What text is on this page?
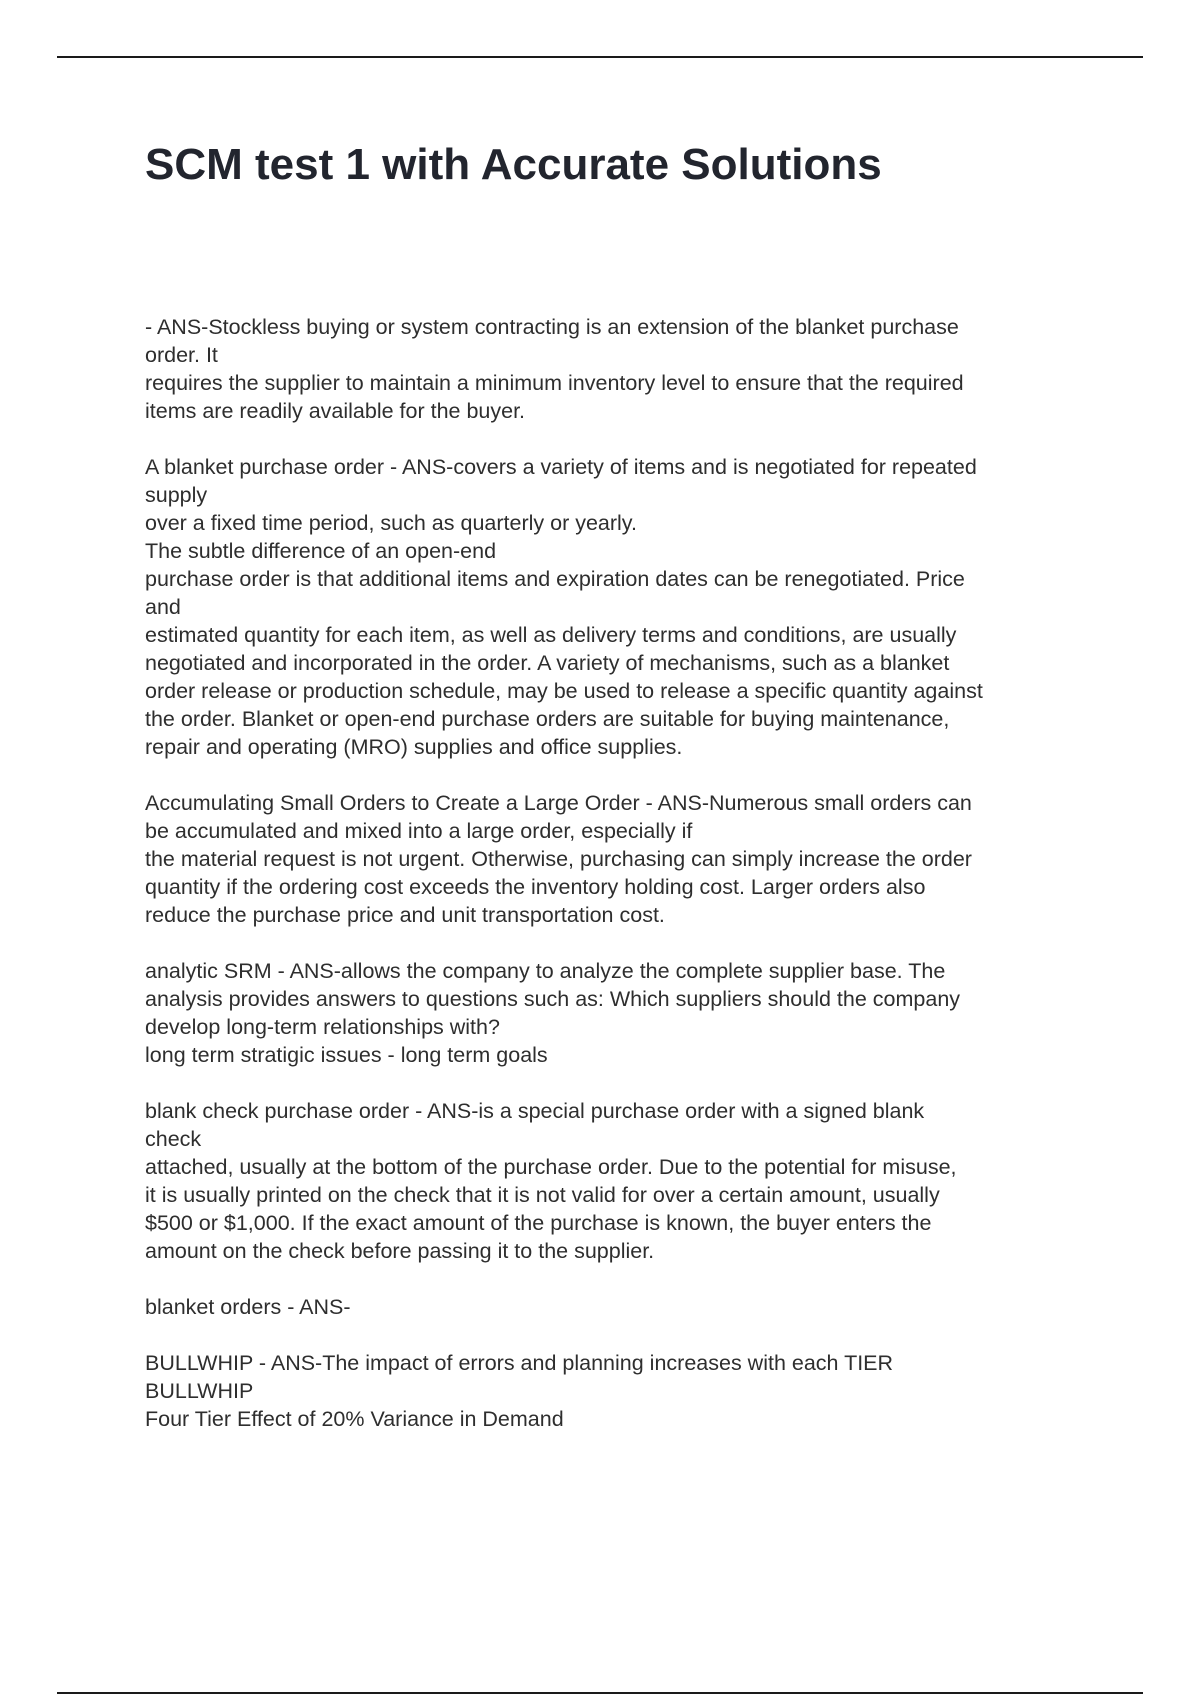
SCM test 1 with Accurate Solutions
- ANS-Stockless buying or system contracting is an extension of the blanket purchase
order. It
requires the supplier to maintain a minimum inventory level to ensure that the required
items are readily available for the buyer.
A blanket purchase order - ANS-covers a variety of items and is negotiated for repeated
supply
over a fixed time period, such as quarterly or yearly.
The subtle difference of an open-end
purchase order is that additional items and expiration dates can be renegotiated. Price
and
estimated quantity for each item, as well as delivery terms and conditions, are usually
negotiated and incorporated in the order. A variety of mechanisms, such as a blanket
order release or production schedule, may be used to release a specific quantity against
the order. Blanket or open-end purchase orders are suitable for buying maintenance,
repair and operating (MRO) supplies and office supplies.
Accumulating Small Orders to Create a Large Order - ANS-Numerous small orders can
be accumulated and mixed into a large order, especially if
the material request is not urgent. Otherwise, purchasing can simply increase the order
quantity if the ordering cost exceeds the inventory holding cost. Larger orders also
reduce the purchase price and unit transportation cost.
analytic SRM - ANS-allows the company to analyze the complete supplier base. The
analysis provides answers to questions such as: Which suppliers should the company
develop long-term relationships with?
long term stratigic issues - long term goals
blank check purchase order - ANS-is a special purchase order with a signed blank
check
attached, usually at the bottom of the purchase order. Due to the potential for misuse,
it is usually printed on the check that it is not valid for over a certain amount, usually
$500 or $1,000. If the exact amount of the purchase is known, the buyer enters the
amount on the check before passing it to the supplier.
blanket orders - ANS-
BULLWHIP - ANS-The impact of errors and planning increases with each TIER
BULLWHIP
Four Tier Effect of 20% Variance in Demand
